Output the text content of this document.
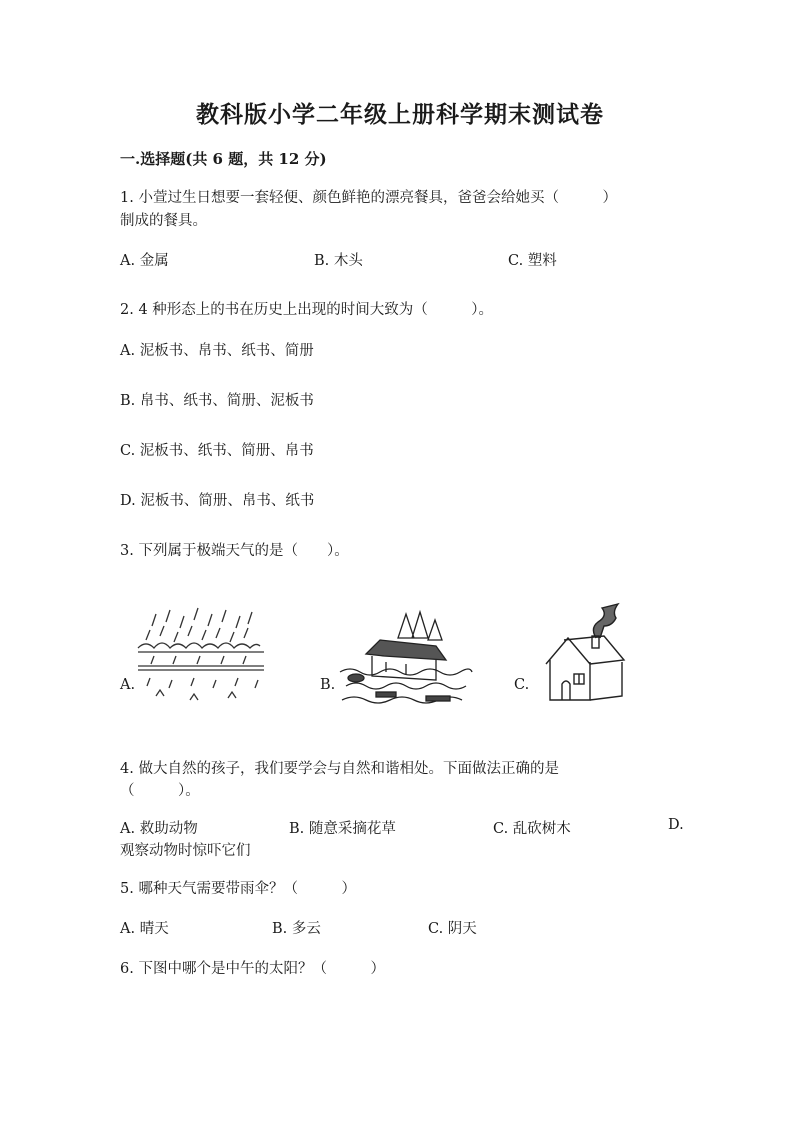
教科版小学二年级上册科学期末测试卷
一.选择题(共 6 题，共 12 分)
1. 小萱过生日想要一套轻便、颜色鲜艳的漂亮餐具，爸爸会给她买（　　　）
制成的餐具。
A. 金属	B. 木头	C. 塑料
2. 4 种形态上的书在历史上出现的时间大致为（　　　）。
A. 泥板书、帛书、纸书、简册
B. 帛书、纸书、简册、泥板书
C. 泥板书、纸书、简册、帛书
D. 泥板书、简册、帛书、纸书
3. 下列属于极端天气的是（　　）。
A.	B.	C.
4. 做大自然的孩子，我们要学会与自然和谐相处。下面做法正确的是
（　　　）。
A. 救助动物	B. 随意采摘花草	C. 乱砍树木	D.
观察动物时惊吓它们
5. 哪种天气需要带雨伞？（　　　）
A. 晴天	B. 多云	C. 阴天
6. 下图中哪个是中午的太阳？（　　　）
